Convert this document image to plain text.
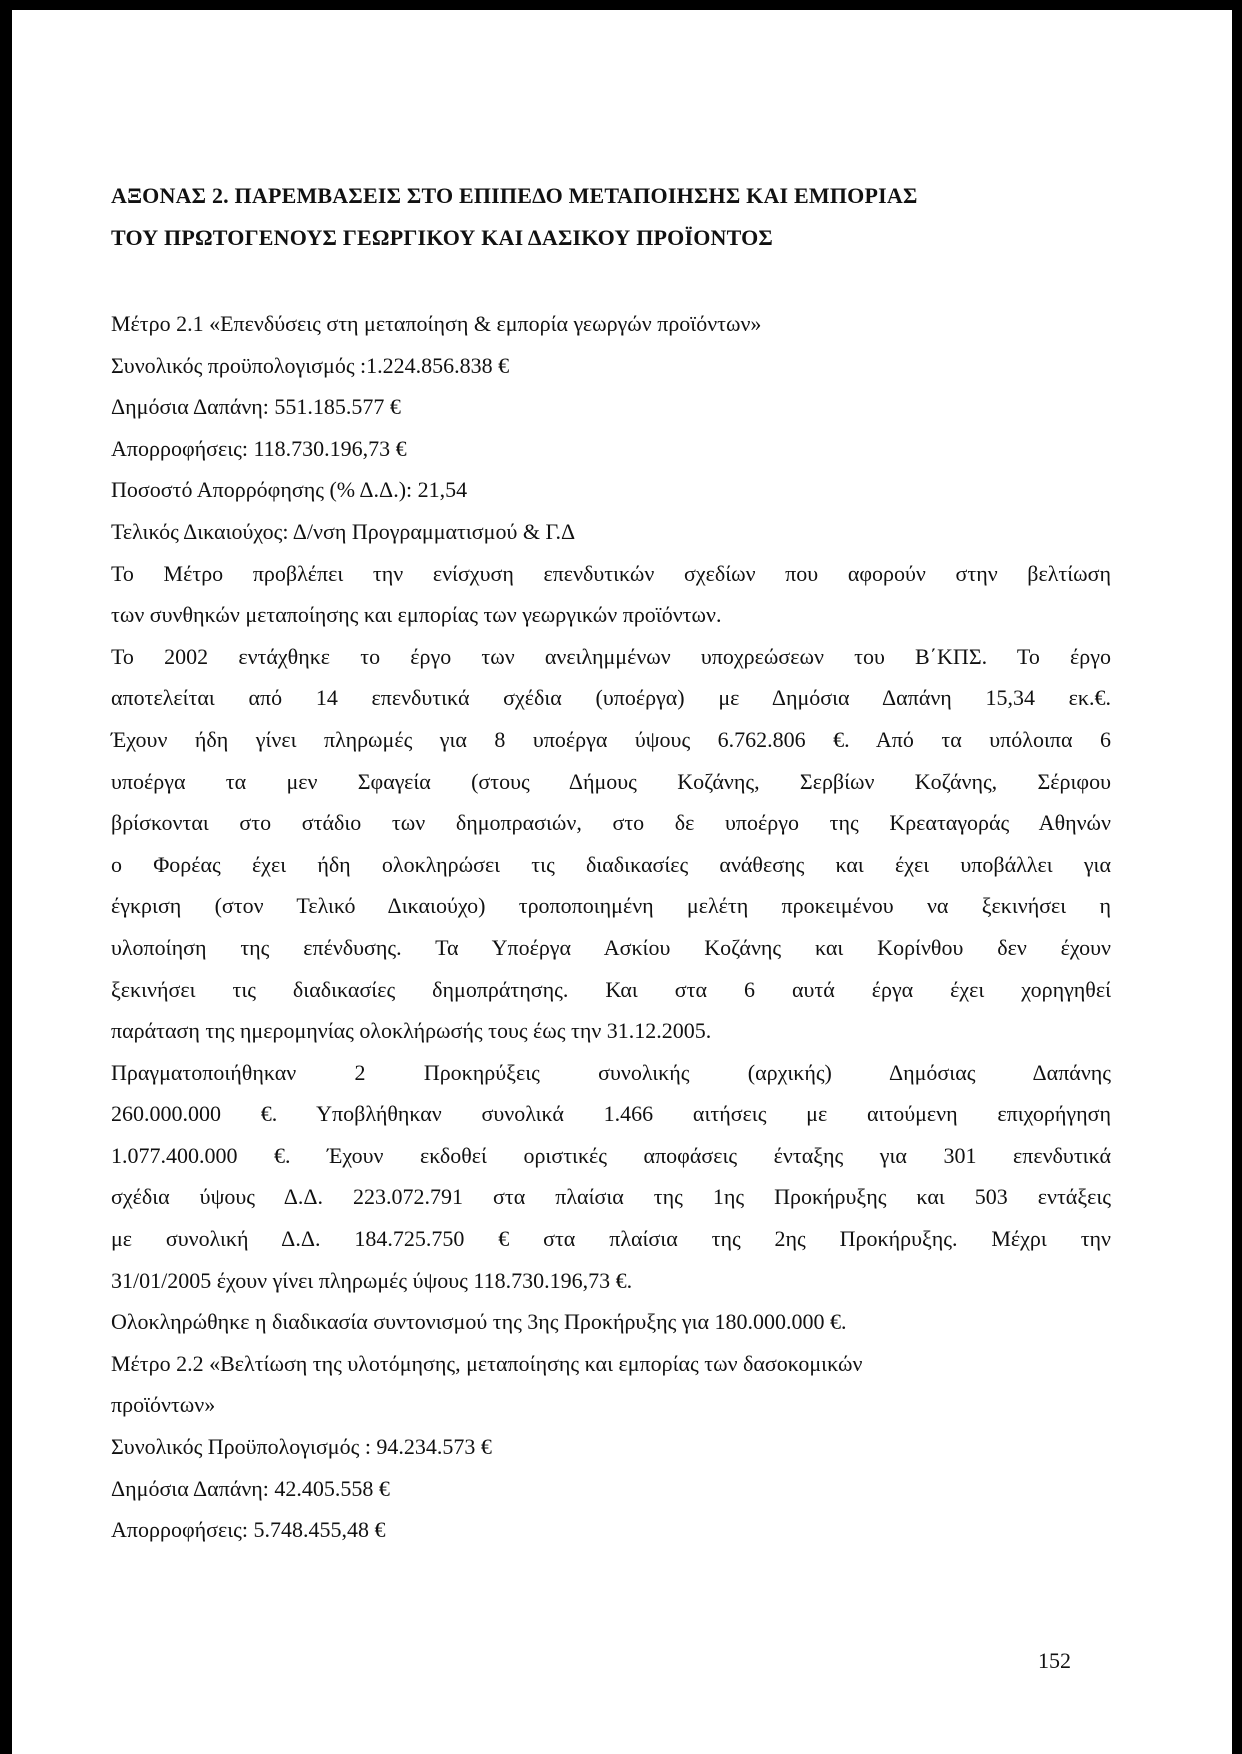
ΑΞΟΝΑΣ 2. ΠΑΡΕΜΒΑΣΕΙΣ ΣΤΟ ΕΠΙΠΕΔΟ ΜΕΤΑΠΟΙΗΣΗΣ ΚΑΙ ΕΜΠΟΡΙΑΣ
ΤΟΥ ΠΡΩΤΟΓΕΝΟΥΣ ΓΕΩΡΓΙΚΟΥ ΚΑΙ ΔΑΣΙΚΟΥ ΠΡΟΪΟΝΤΟΣ
Μέτρο 2.1 «Επενδύσεις στη μεταποίηση & εμπορία γεωργών προϊόντων»
Συνολικός προϋπολογισμός :1.224.856.838 €
Δημόσια Δαπάνη: 551.185.577 €
Απορροφήσεις: 118.730.196,73 €
Ποσοστό Απορρόφησης (% Δ.Δ.): 21,54
Τελικός Δικαιούχος: Δ/νση Προγραμματισμού & Γ.Δ
Το Μέτρο προβλέπει την ενίσχυση επενδυτικών σχεδίων που αφορούν στην βελτίωση
των συνθηκών μεταποίησης και εμπορίας των γεωργικών προϊόντων.
Το 2002 εντάχθηκε το έργο των ανειλημμένων υποχρεώσεων του Β΄ΚΠΣ. Το έργο
αποτελείται από 14 επενδυτικά σχέδια (υποέργα) με Δημόσια Δαπάνη 15,34 εκ.€.
Έχουν ήδη γίνει πληρωμές για 8 υποέργα ύψους 6.762.806 €. Από τα υπόλοιπα 6
υποέργα τα μεν Σφαγεία (στους Δήμους Κοζάνης, Σερβίων Κοζάνης, Σέριφου
βρίσκονται στο στάδιο των δημοπρασιών, στο δε υποέργο της Κρεαταγοράς Αθηνών
ο Φορέας έχει ήδη ολοκληρώσει τις διαδικασίες ανάθεσης και έχει υποβάλλει για
έγκριση (στον Τελικό Δικαιούχο) τροποποιημένη μελέτη προκειμένου να ξεκινήσει η
υλοποίηση της επένδυσης. Τα Υποέργα Ασκίου Κοζάνης και Κορίνθου δεν έχουν
ξεκινήσει τις διαδικασίες δημοπράτησης. Και στα 6 αυτά έργα έχει χορηγηθεί
παράταση της ημερομηνίας ολοκλήρωσής τους έως την 31.12.2005.
Πραγματοποιήθηκαν 2 Προκηρύξεις συνολικής (αρχικής) Δημόσιας Δαπάνης
260.000.000 €. Υποβλήθηκαν συνολικά 1.466 αιτήσεις με αιτούμενη επιχορήγηση
1.077.400.000 €. Έχουν εκδοθεί οριστικές αποφάσεις ένταξης για 301 επενδυτικά
σχέδια ύψους Δ.Δ. 223.072.791 στα πλαίσια της 1ης Προκήρυξης και 503 εντάξεις
με συνολική Δ.Δ. 184.725.750 € στα πλαίσια της 2ης Προκήρυξης. Μέχρι την
31/01/2005 έχουν γίνει πληρωμές ύψους 118.730.196,73 €.
Ολοκληρώθηκε η διαδικασία συντονισμού της 3ης Προκήρυξης για 180.000.000 €.
Μέτρο 2.2 «Βελτίωση της υλοτόμησης, μεταποίησης και εμπορίας των δασοκομικών
προϊόντων»
Συνολικός Προϋπολογισμός : 94.234.573 €
Δημόσια Δαπάνη: 42.405.558 €
Απορροφήσεις: 5.748.455,48 €
152
